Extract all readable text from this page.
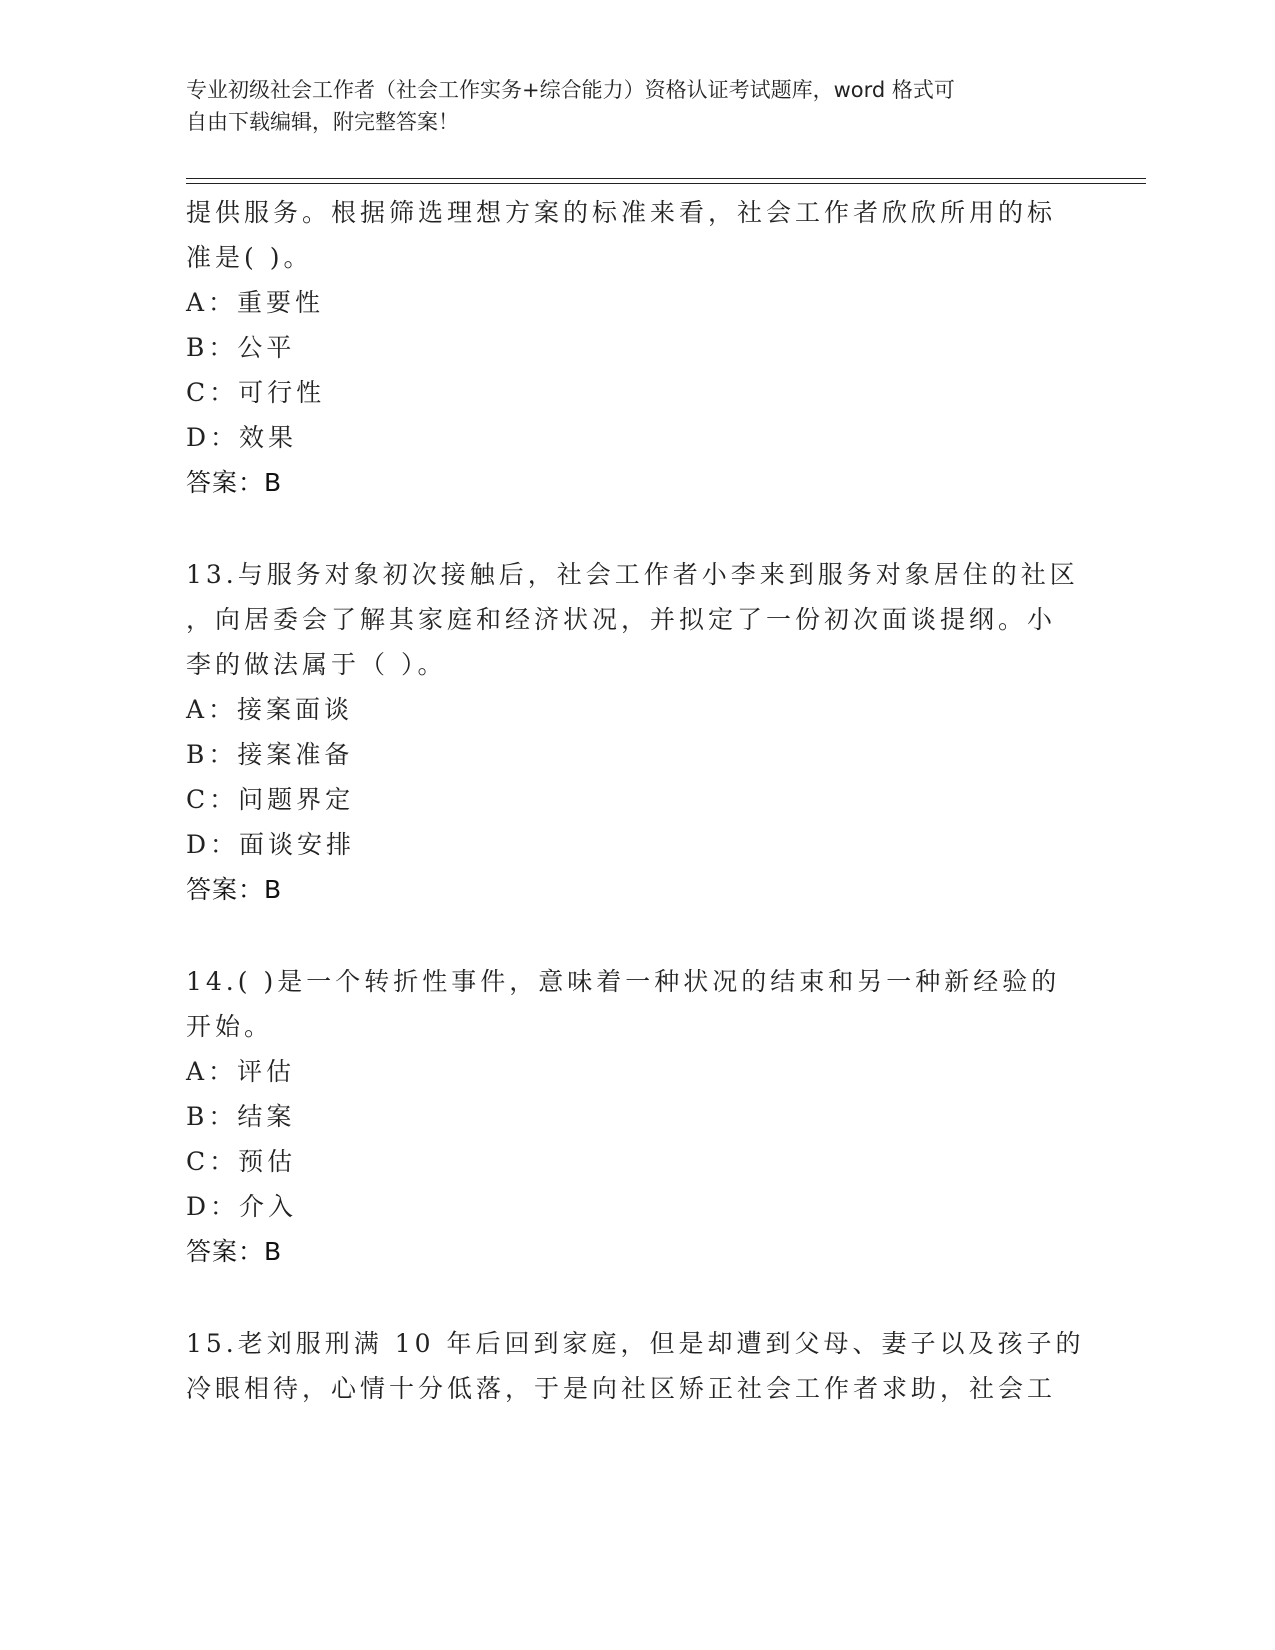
专业初级社会工作者（社会工作实务+综合能力）资格认证考试题库，word 格式可
自由下载编辑，附完整答案！
提供服务。根据筛选理想方案的标准来看，社会工作者欣欣所用的标
准是( )。
A：重要性
B：公平
C：可行性
D：效果
答案：B
13.与服务对象初次接触后，社会工作者小李来到服务对象居住的社区
，向居委会了解其家庭和经济状况，并拟定了一份初次面谈提纲。小
李的做法属于（ ）。
A：接案面谈
B：接案准备
C：问题界定
D：面谈安排
答案：B
14.( )是一个转折性事件，意味着一种状况的结束和另一种新经验的
开始。
A：评估
B：结案
C：预估
D：介入
答案：B
15.老刘服刑满 10 年后回到家庭，但是却遭到父母、妻子以及孩子的
冷眼相待，心情十分低落，于是向社区矫正社会工作者求助，社会工
